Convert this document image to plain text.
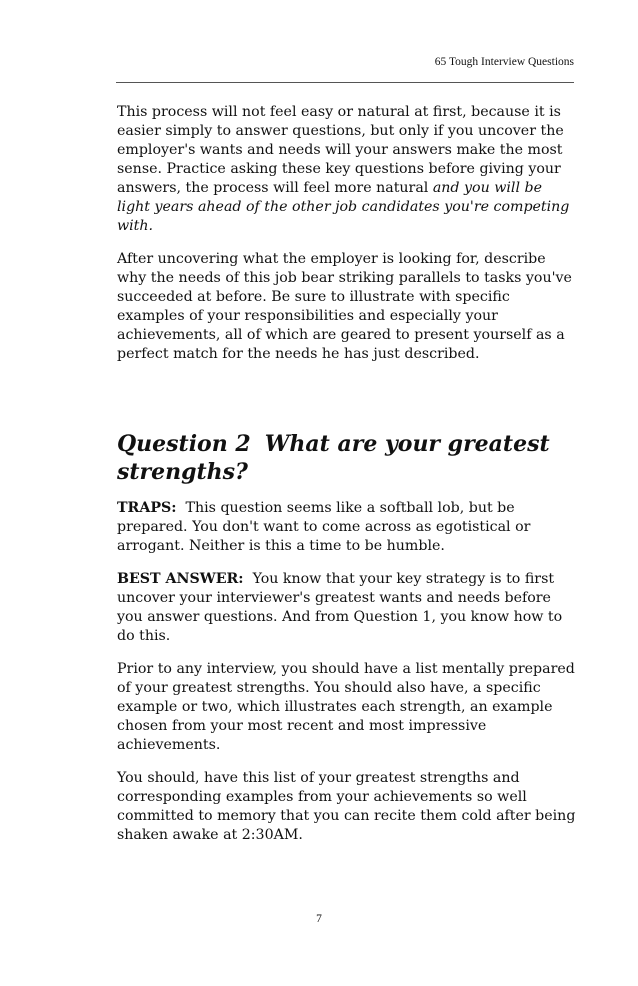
65 Tough Interview Questions

This process will not feel easy or natural at first, because it is easier simply to answer questions, but only if you uncover the employer's wants and needs will your answers make the most sense. Practice asking these key questions before giving your answers, the process will feel more natural and you will be light years ahead of the other job candidates you're competing with.

After uncovering what the employer is looking for, describe why the needs of this job bear striking parallels to tasks you've succeeded at before. Be sure to illustrate with specific examples of your responsibilities and especially your achievements, all of which are geared to present yourself as a perfect match for the needs he has just described.

Question 2 What are your greatest strengths?

TRAPS: This question seems like a softball lob, but be prepared. You don't want to come across as egotistical or arrogant. Neither is this a time to be humble.

BEST ANSWER: You know that your key strategy is to first uncover your interviewer's greatest wants and needs before you answer questions. And from Question 1, you know how to do this.

Prior to any interview, you should have a list mentally prepared of your greatest strengths. You should also have, a specific example or two, which illustrates each strength, an example chosen from your most recent and most impressive achievements.

You should, have this list of your greatest strengths and corresponding examples from your achievements so well committed to memory that you can recite them cold after being shaken awake at 2:30AM.

7
